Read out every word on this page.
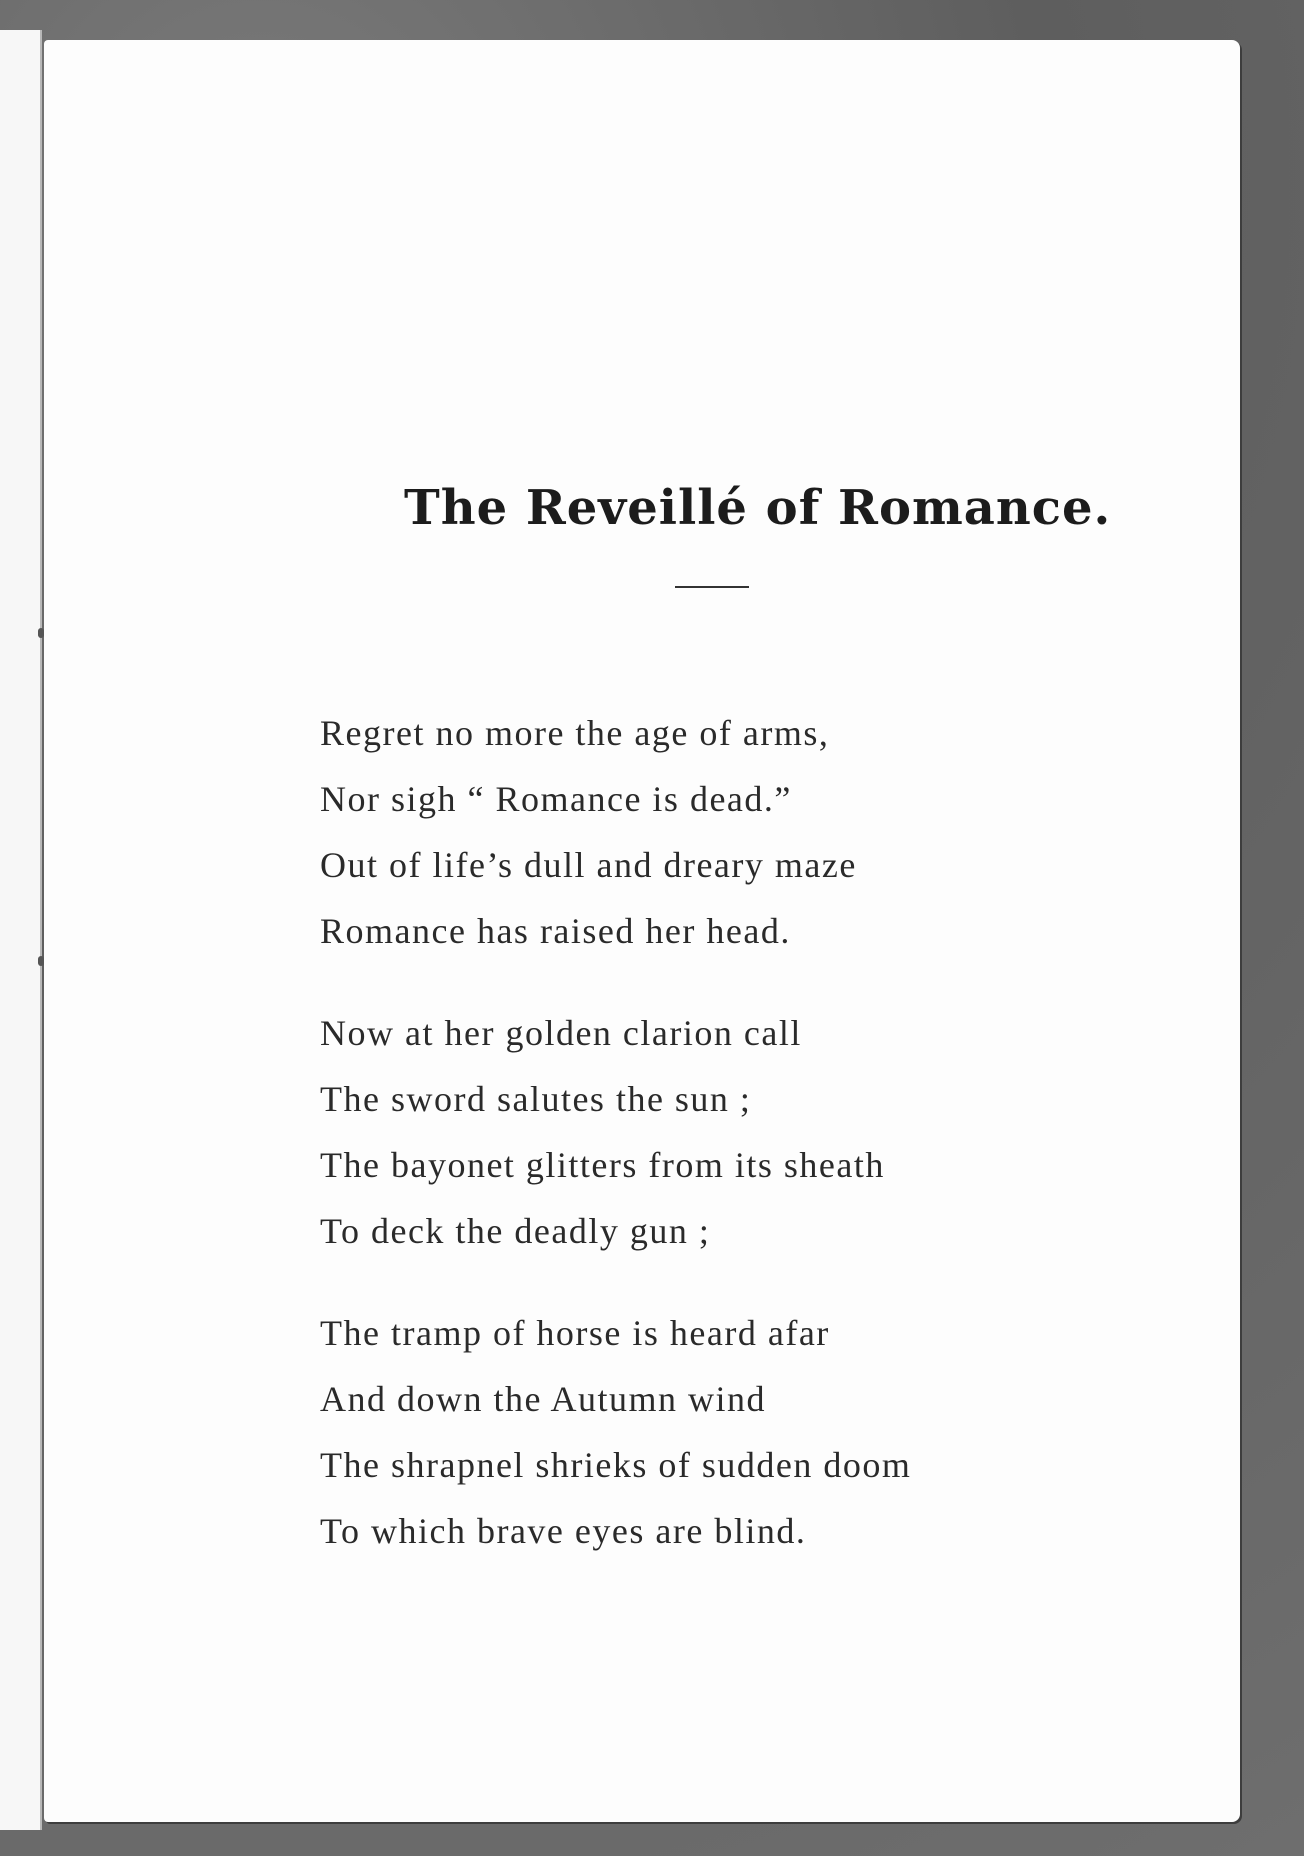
The Reveillé of Romance.
Regret no more the age of arms,
Nor sigh “ Romance is dead.”
Out of life’s dull and dreary maze
Romance has raised her head.
Now at her golden clarion call
The sword salutes the sun ;
The bayonet glitters from its sheath
To deck the deadly gun ;
The tramp of horse is heard afar
And down the Autumn wind
The shrapnel shrieks of sudden doom
To which brave eyes are blind.
